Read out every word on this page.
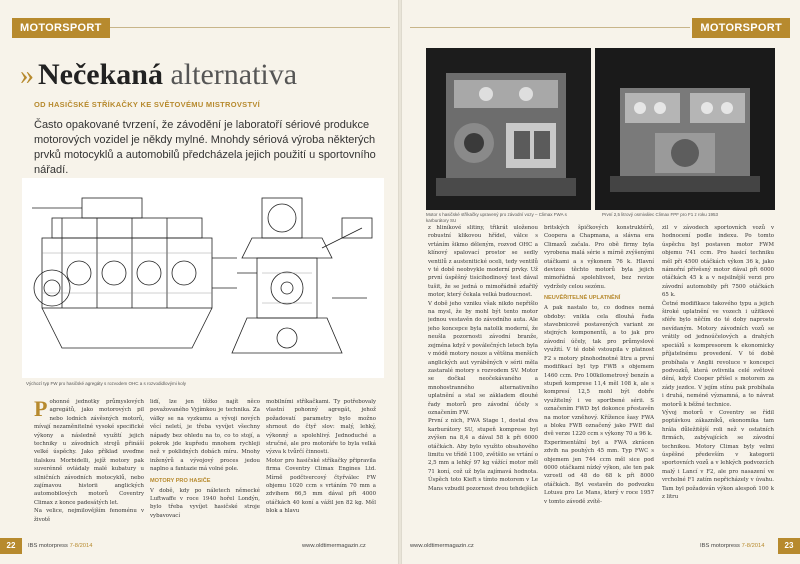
MOTORSPORT	MOTORSPORT
» Nečekaná alternativa
OD HASIČSKÉ STŘÍKAČKY KE SVĚTOVÉMU MISTROVSTVÍ
Často opakované tvrzení, že závodění je laboratoří sériové produkce motorových vozidel je někdy mylné. Mnohdy sériová výroba některých prvků motocyklů a automobilů předcházela jejich použití u sportovního nářadí.
Výchozí typ FW pro hasičské agregáty s rozvodem OHC a s rozvodidlovými koly

Pohonné jednotky průmyslových agregátů, jako motorových pil nebo lodních závěsných motorů, mívají nezaměnitelné vysoké specifické výkony a následně využití jejich techniky u závodních strojů přináší velké úspěchy. Jako příklad uveďme italskou Morbidelli, jejíž motory pak suverénně ovládaly malé kubatury u silničních závodních motocyklů, nebo zajímavou historii anglických automobilových motorů Coventry Climax z konce padesátých let.
Na velice, nejmilovějším fenoménu v životě

lidí, lze jen těžko najít něco považovaného Vyjímkou je technika. Za války se na vyzkumu a vývoji nových věcí neletí, je třeba vyvíjet všechny nápady bez ohledu na to, co to stojí, a pokrok jde kupředu mnohem rychleji než v poklidných dobách míru. Mnohy inženýrů a vývojový proces jedou naplno a fantazie má volné pole.

MOTORY PRO HASIČE

V době, kdy po náletech německé Luftwaffe v roce 1940 hořel Londýn, bylo třeba vyvíjet hasičské stroje vybavovací

mobilními stříkačkami. Ty potřebovaly vlastní pohonný agregát, jehož požadovatí parametry bylo možno shrnout do čtyř slov: malý, lehký, výkonný a spolehlivý. Jednoduché a stručné, ale pro motoráře to byla velká výzva k tvůrčí činnosti.
Motor pro hasičské stříkačky připravila firma Coventry Climax Engines Ltd. Mírně podčtvercový čtyřválec FW objemu 1020 ccm s vrtáním 70 mm a zdvihem 66,5 mm dával při 4000 otáčkách 40 koní a vážil jen 82 kg. Měl blok a hlavu
Motor s hasičské stříkačky upravený pro závodní vozy – Climax FWA s karburátory SU
První 2,5 litrový osmiválec Climax FPF pro F1 z roku 1953
z hliníkové slitiny, třikrát uloženou robustní klikovou hřídel, válce s vrtáním šikmo děleným, rozvod OHC a klínový spalovací prostor se sedly ventilů z austenitické oceli, tedy ventilů v té době neobvykle moderní prvky. Už první úspěšný tisícihodinový test dával tušit, že se jedná o mimořádně zdařilý motor, který čekala velká budoucnost.
V době jeho vzniku však nikdo nepřišlo na mysl, že by mohl být tento motor jednou vestavěn do závodního auta. Ale jeho koncepce byla natolik moderní, že neušla pozornosti závodní branže, zejména když v poválečných letech byla v módě motory nouze a většina menších anglických aut vyráběných v sérii měla zastaralé motory s rozvodem SV. Motor se dočkal neočekávaného a mnohostranného alternativního uplatnění a stal se základem dlouhé řady motorů pro závodní účely s označením FW.
První z nich, FWA Stage 1, dostal dva karburátory SU, stupeň komprese byl zvýšen na 8,4 a dával 58 k při 6000 otáčkách. Aby bylo využito obsahového limitu ve třídě 1100, zvětšilo se vrtání o 2,5 mm a lehký 97 kg vážící motor měl 71 koní, což už byla zajímavá hodnota. Úspěch toto Kieft s tímto motorem v Le Mans vzbudil pozornost dvou tehdejších

britských špičkových konstruktérů, Coopera a Chapmana, a slávna era Climaxů začala. Pro obě firmy byla vyrobena malá série s mírně zvýšenými otáčkami a s výkonem 76 k. Hlavní devizou těchto motorů byla jejich mimořádná spolehlivost, bez revize vydržely celou sezónu.

NEUVĚŘITELNÉ UPLATNĚNÍ

A pak nastalo to, co dodnes nemá obdoby: vnikla cela dlouhá řada stavebnicově postavených variant ze stejných komponentů, a to jak pro závodní účely, tak pro průmyslové využití. V té době vstoupila v platnost F2 s motory plnohodnotné litru a první modifikací byl typ FWB s objemem 1460 ccm. Pro 100kilometrový benzín a stupeň komprese 11,4 měl 108 k, ale s kompresí 12,5 mohl být dobře využitelný i ve sportbené sérii. S označením FWD byl dokonce přestavěn na motor vzněhový. Křížence šasy FWA a bloku FWB označený jako FWE dal dvě verze 1220 ccm s výkony 70 a 96 k.
Experimentální byl a FWA zkrácen zdvih na pouhých 45 mm. Typ FWC s objemem jen 744 ccm měl sice pod 6000 otáčkami nízký výkon, ale ten pak vzrostl od 48 do 68 k při 8000 otáčkách. Byl vestavěn do podvozku Lotusu pro Le Mans, který v roce 1957 v tomto závodě zvítě-

zil v závodech sportovních vozů v hodnocení podle indexu. Po tomto úspěchu byl postaven motor FWM objemu 741 ccm. Pro hasicí techniku měl při 4500 otáčkách výkon 36 k, jako námořní přívěsný motor dával při 6000 otáčkách 45 k a v nejsilnější verzi pro závodní automobily při 7500 otáčkách 65 k.
Četné modifikace takového typu a jejich široké uplatnění ve vozech i užitkové sféře bylo něčím do té doby naprosto nevídaným. Motory závodních vozů se vrátily od jednoúčelových a drahých speciálů s kompresorem k ekonomicky příjatelnému provedení. V té době probíhala v Anglii revoluce v koncepci podvozků, která ovlivnila celé světové dění, když Cooper přišel s motorem za zády jezdce. V jejím stínu pak probíhala i druhá, neméně významná, a to návrat motorů k běžné technice.
Vývoj motorů v Coventry se řídil poptávkou zákazníků, ekonomika tam hrála důležitější roli než v ostatních firmách, zabývajících se závodní technikou. Motory Climax byly velmi úspěšné především v kategorii sportovních vozů a v lehkých podvozcích malý i Lancí v F2, ale pro nasazení ve vrcholné F1 zatím nepřicházely v úvahu. Tam byl požadován výkon alespoň 100 k z litru
22	IBS motorpress 7-8/2014	www.oldtimermagazin.cz	www.oldtimermagazin.cz	IBS motorpress 7-8/2014	23
